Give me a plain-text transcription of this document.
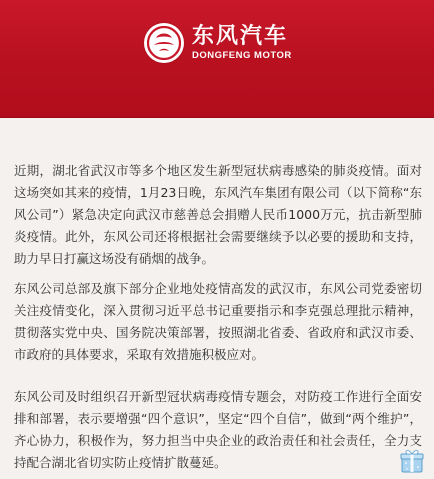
东风汽车
DONGFENG MOTOR

近期，湖北省武汉市等多个地区发生新型冠状病毒感染的肺炎疫情。面对这场突如其来的疫情，1月23日晚，东风汽车集团有限公司（以下简称“东风公司”）紧急决定向武汉市慈善总会捐赠人民币1000万元，抗击新型肺炎疫情。此外，东风公司还将根据社会需要继续予以必要的援助和支持，助力早日打赢这场没有硝烟的战争。

东风公司总部及旗下部分企业地处疫情高发的武汉市，东风公司党委密切关注疫情变化，深入贯彻习近平总书记重要指示和李克强总理批示精神，贯彻落实党中央、国务院决策部署，按照湖北省委、省政府和武汉市委、市政府的具体要求，采取有效措施积极应对。

东风公司及时组织召开新型冠状病毒疫情专题会，对防疫工作进行全面安排和部署，表示要增强“四个意识”，坚定“四个自信”，做到“两个维护”，齐心协力，积极作为，努力担当中央企业的政治责任和社会责任，全力支持配合湖北省切实防止疫情扩散蔓延。
